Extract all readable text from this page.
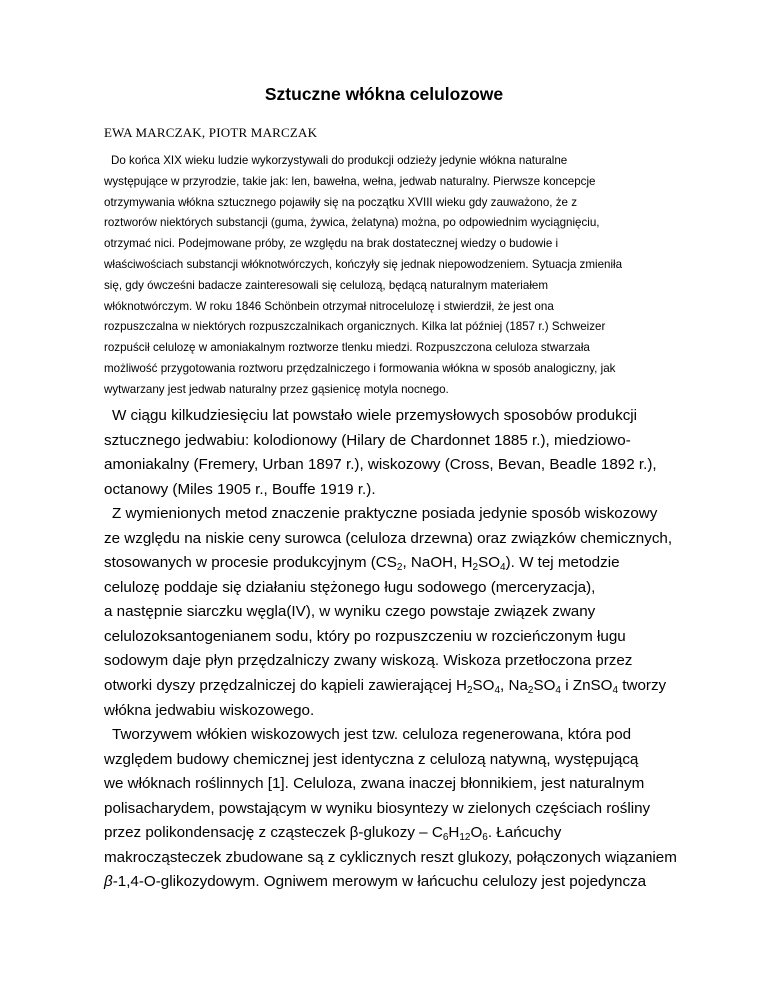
Sztuczne włókna celulozowe
EWA MARCZAK, PIOTR MARCZAK
Do końca XIX wieku ludzie wykorzystywali do produkcji odzieży jedynie włókna naturalne
występujące w przyrodzie, takie jak: len, bawełna, wełna, jedwab naturalny. Pierwsze koncepcje
otrzymywania włókna sztucznego pojawiły się na początku XVIII wieku gdy zauważono, że z
roztworów niektórych substancji (guma, żywica, żelatyna) można, po odpowiednim wyciągnięciu,
otrzymać nici. Podejmowane próby, ze względu na brak dostatecznej wiedzy o budowie i
właściwościach substancji włóknotwórczych, kończyły się jednak niepowodzeniem. Sytuacja zmieniła
się, gdy ówcześni badacze zainteresowali się celulozą, będącą naturalnym materiałem
włóknotwórczym. W roku 1846 Schönbein otrzymał nitrocelulozę i stwierdził, że jest ona
rozpuszczalna w niektórych rozpuszczalnikach organicznych. Kilka lat później (1857 r.) Schweizer
rozpuścił celulozę w amoniakalnym roztworze tlenku miedzi. Rozpuszczona celuloza stwarzała
możliwość przygotowania roztworu przędzalniczego i formowania włókna w sposób analogiczny, jak
wytwarzany jest jedwab naturalny przez gąsienicę motyla nocnego.
W ciągu kilkudziesięciu lat powstało wiele przemysłowych sposobów produkcji
sztucznego jedwabiu: kolodionowy (Hilary de Chardonnet 1885 r.), miedziowo-
amoniakalny (Fremery, Urban 1897 r.), wiskozowy (Cross, Bevan, Beadle 1892 r.),
octanowy (Miles 1905 r., Bouffe 1919 r.).
Z wymienionych metod znaczenie praktyczne posiada jedynie sposób wiskozowy
ze względu na niskie ceny surowca (celuloza drzewna) oraz związków chemicznych,
stosowanych w procesie produkcyjnym ($CS_2$, NaOH, $H_2SO_4$). W tej metodzie
celulozę poddaje się działaniu stężonego ługu sodowego (merceryzacja),
a następnie siarczku węgla(IV), w wyniku czego powstaje związek zwany
celulozoksantogenianem sodu, który po rozpuszczeniu w rozcieńczonym ługu
sodowym daje płyn przędzalniczy zwany wiskozą. Wiskoza przetłoczona przez
otworki dyszy przędzalniczej do kąpieli zawierającej $H_2SO_4$, $Na_2SO_4$ i ZnSO$_4$ tworzy
włókna jedwabiu wiskozowego.
Tworzywem włókien wiskozowych jest tzw. celuloza regenerowana, która pod
względem budowy chemicznej jest identyczna z celulozą natywną, występującą
we włóknach roślinnych [1]. Celuloza, zwana inaczej błonnikiem, jest naturalnym
polisacharydem, powstającym w wyniku biosyntezy w zielonych częściach rośliny
przez polikondensację z cząsteczek β-glukozy – $C_6H_{12}O_6$. Łańcuchy
makrocząsteczek zbudowane są z cyklicznych reszt glukozy, połączonych wiązaniem
β-1,4-O-glikozydowym. Ogniwem merowym w łańcuchu celulozy jest pojedyncza
